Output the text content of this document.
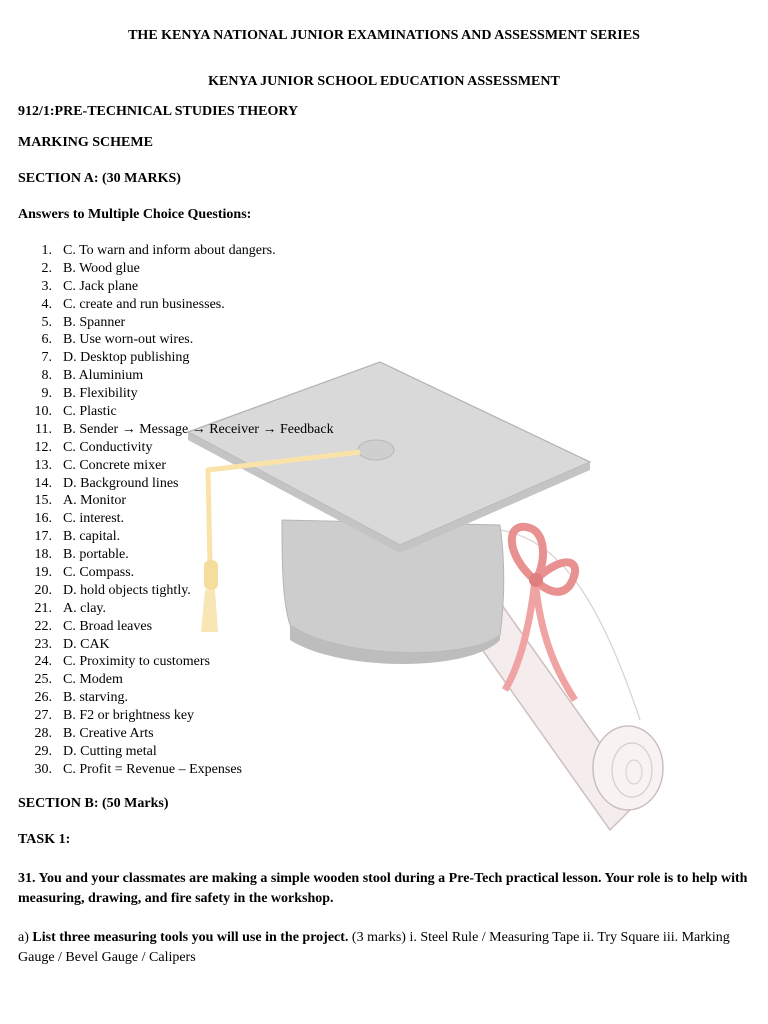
THE KENYA NATIONAL JUNIOR EXAMINATIONS AND ASSESSMENT SERIES
KENYA JUNIOR SCHOOL EDUCATION ASSESSMENT
912/1:PRE-TECHNICAL STUDIES THEORY
MARKING SCHEME
SECTION A: (30 MARKS)
Answers to Multiple Choice Questions:
1. C. To warn and inform about dangers.
2. B. Wood glue
3. C. Jack plane
4. C. create and run businesses.
5. B. Spanner
6. B. Use worn-out wires.
7. D. Desktop publishing
8. B. Aluminium
9. B. Flexibility
10. C. Plastic
11. B. Sender → Message → Receiver → Feedback
12. C. Conductivity
13. C. Concrete mixer
14. D. Background lines
15. A. Monitor
16. C. interest.
17. B. capital.
18. B. portable.
19. C. Compass.
20. D. hold objects tightly.
21. A. clay.
22. C. Broad leaves
23. D. CAK
24. C. Proximity to customers
25. C. Modem
26. B. starving.
27. B. F2 or brightness key
28. B. Creative Arts
29. D. Cutting metal
30. C. Profit = Revenue – Expenses
SECTION B: (50 Marks)
TASK 1:
31. You and your classmates are making a simple wooden stool during a Pre-Tech practical lesson. Your role is to help with measuring, drawing, and fire safety in the workshop.
a) List three measuring tools you will use in the project. (3 marks) i. Steel Rule / Measuring Tape ii. Try Square iii. Marking Gauge / Bevel Gauge / Calipers
